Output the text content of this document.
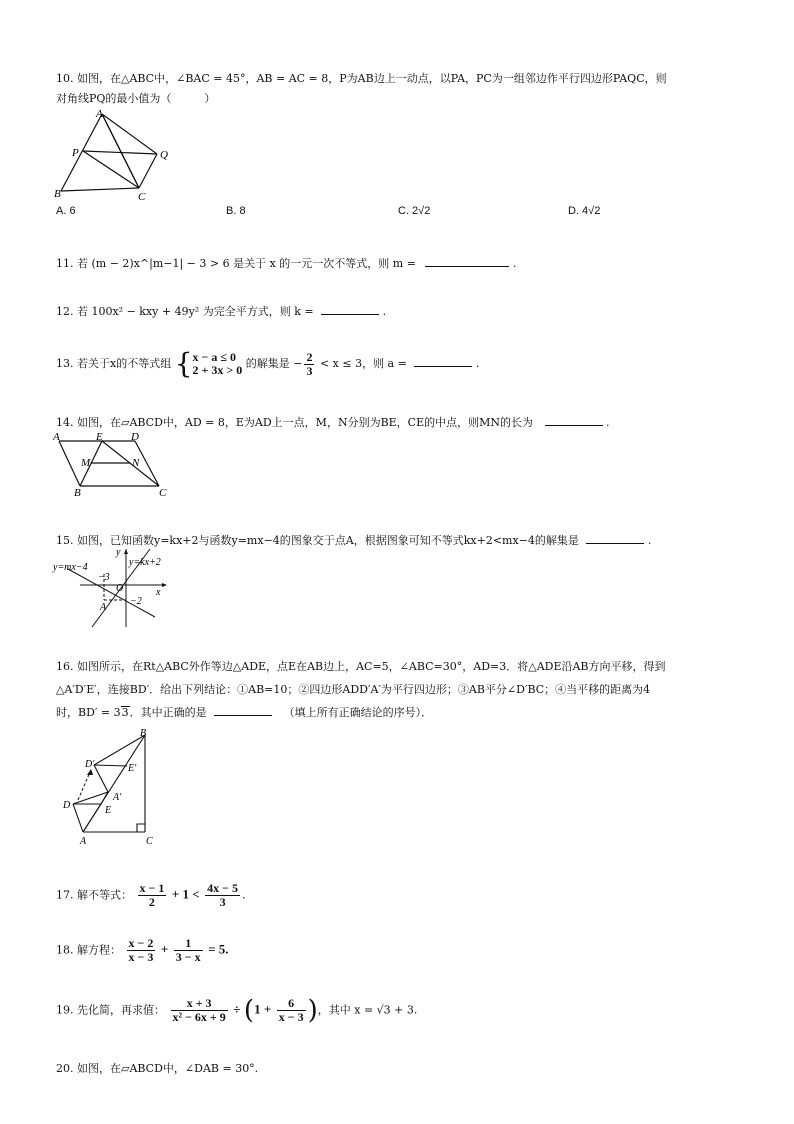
10. 如图，在△ABC中，∠BAC = 45°，AB = AC = 8，P为AB边上一动点，以PA，PC为一组邻边作平行四边形PAQC，则
对角线PQ的最小值为（　　　）
A
P	Q
B	C
A. 6	B. 8	C. 2√2	D. 4√2
11. 若 (m − 2)x^|m−1| − 3 > 6 是关于 x 的一元一次不等式，则 m =	.
12. 若 100x² − kxy + 49y² 为完全平方式，则 k =	.
13. 若关于x的不等式组 { x − a ≤ 0
2 + 3x > 0 的解集是 − $\frac{2}{3} < x \le 3$，则 a =	.
14. 如图，在▱ABCD中，AD = 8，E为AD上一点，M，N分别为BE，CE的中点，则MN的长为	.
A	E	D
M	N
B	C
15. 如图，已知函数y=kx+2与函数y=mx−4的图象交于点A，根据图象可知不等式kx+2<mx−4的解集是	.
y
y=mx−4	y=kx+2
−3
O	x
−2
A
16. 如图所示，在Rt△ABC外作等边△ADE，点E在AB边上，AC=5，∠ABC=30°，AD=3．将△ADE沿AB方向平移，得到
△A′D′E′，连接BD′．给出下列结论：①AB=10；②四边形ADD′A′为平行四边形；③AB平分∠D′BC；④当平移的距离为4
时，BD′ = 33．其中正确的是	（填上所有正确结论的序号）．
B
D′	E′
A′
D	E
A	C
17. 解不等式： $\frac{x - 1}{2} + 1 < \frac{4x - 5}{3}$ .
18. 解方程： $\frac{x - 2}{x - 3} + \frac{1}{3 - x} = 5$.
19. 先化简，再求值： $\frac{x + 3}{\text{x² − 6x + 9}} \div (1 + \frac{6}{x - 3}$ )，其中 x = √3 + 3.
20. 如图，在▱ABCD中，∠DAB = 30°.
